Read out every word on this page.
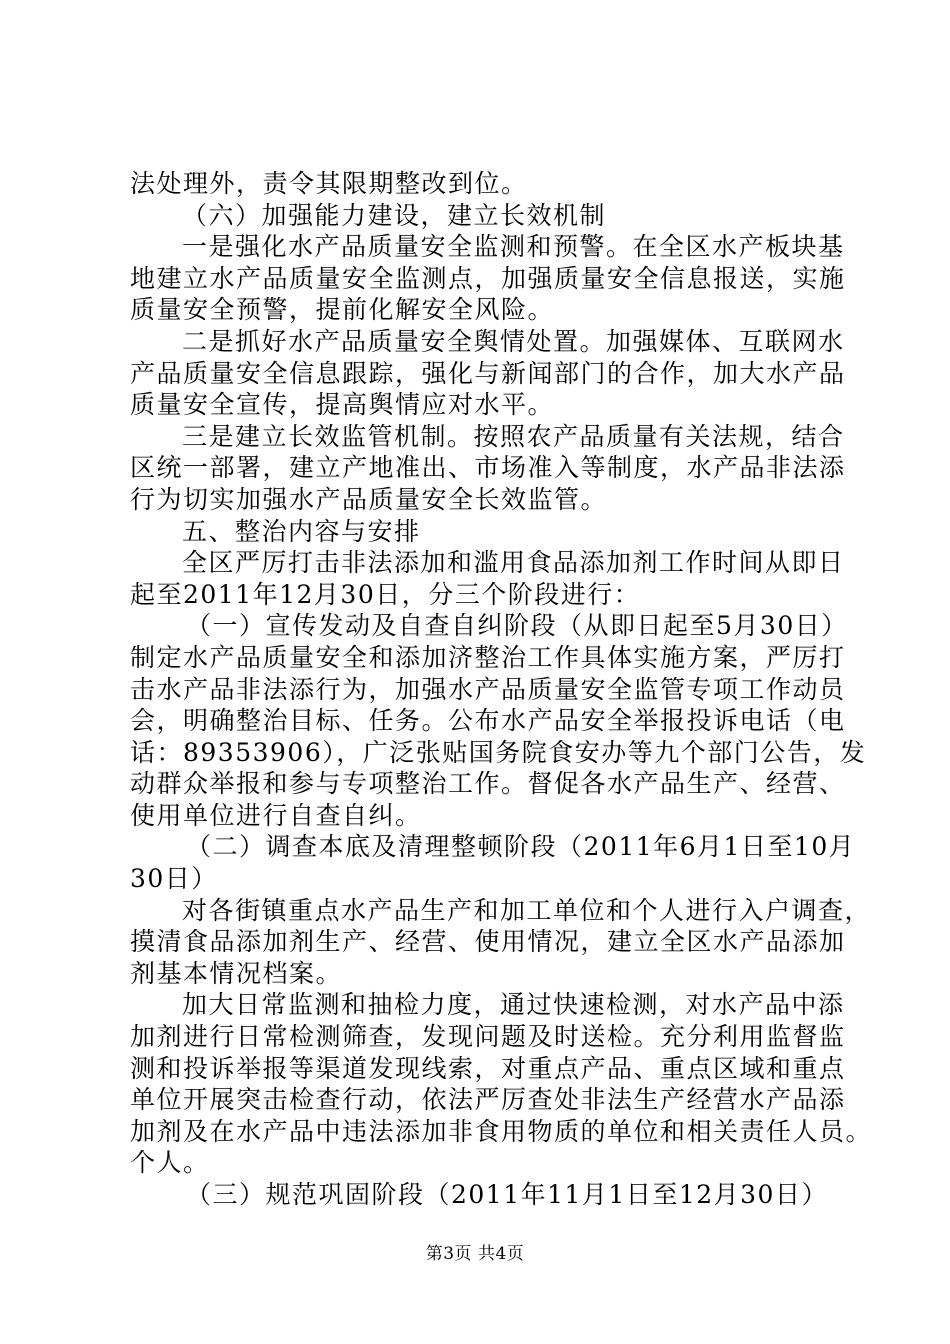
法处理外，责令其限期整改到位。
（六）加强能力建设，建立长效机制
一是强化水产品质量安全监测和预警。在全区水产板块基
地建立水产品质量安全监测点，加强质量安全信息报送，实施
质量安全预警，提前化解安全风险。
二是抓好水产品质量安全舆情处置。加强媒体、互联网水
产品质量安全信息跟踪，强化与新闻部门的合作，加大水产品
质量安全宣传，提高舆情应对水平。
三是建立长效监管机制。按照农产品质量有关法规，结合
区统一部署，建立产地准出、市场准入等制度，水产品非法添
行为切实加强水产品质量安全长效监管。
五、整治内容与安排
全区严厉打击非法添加和滥用食品添加剂工作时间从即日
起至2011年12月30日，分三个阶段进行：
（一）宣传发动及自查自纠阶段（从即日起至5月30日）
制定水产品质量安全和添加济整治工作具体实施方案，严厉打
击水产品非法添行为，加强水产品质量安全监管专项工作动员
会，明确整治目标、任务。公布水产品安全举报投诉电话（电
话：89353906），广泛张贴国务院食安办等九个部门公告，发
动群众举报和参与专项整治工作。督促各水产品生产、经营、
使用单位进行自查自纠。
（二）调查本底及清理整顿阶段（2011年6月1日至10月
30日）
对各街镇重点水产品生产和加工单位和个人进行入户调查，
摸清食品添加剂生产、经营、使用情况，建立全区水产品添加
剂基本情况档案。
加大日常监测和抽检力度，通过快速检测，对水产品中添
加剂进行日常检测筛查，发现问题及时送检。充分利用监督监
测和投诉举报等渠道发现线索，对重点产品、重点区域和重点
单位开展突击检查行动，依法严厉查处非法生产经营水产品添
加剂及在水产品中违法添加非食用物质的单位和相关责任人员。
个人。
（三）规范巩固阶段（2011年11月1日至12月30日）
第3页 共4页
